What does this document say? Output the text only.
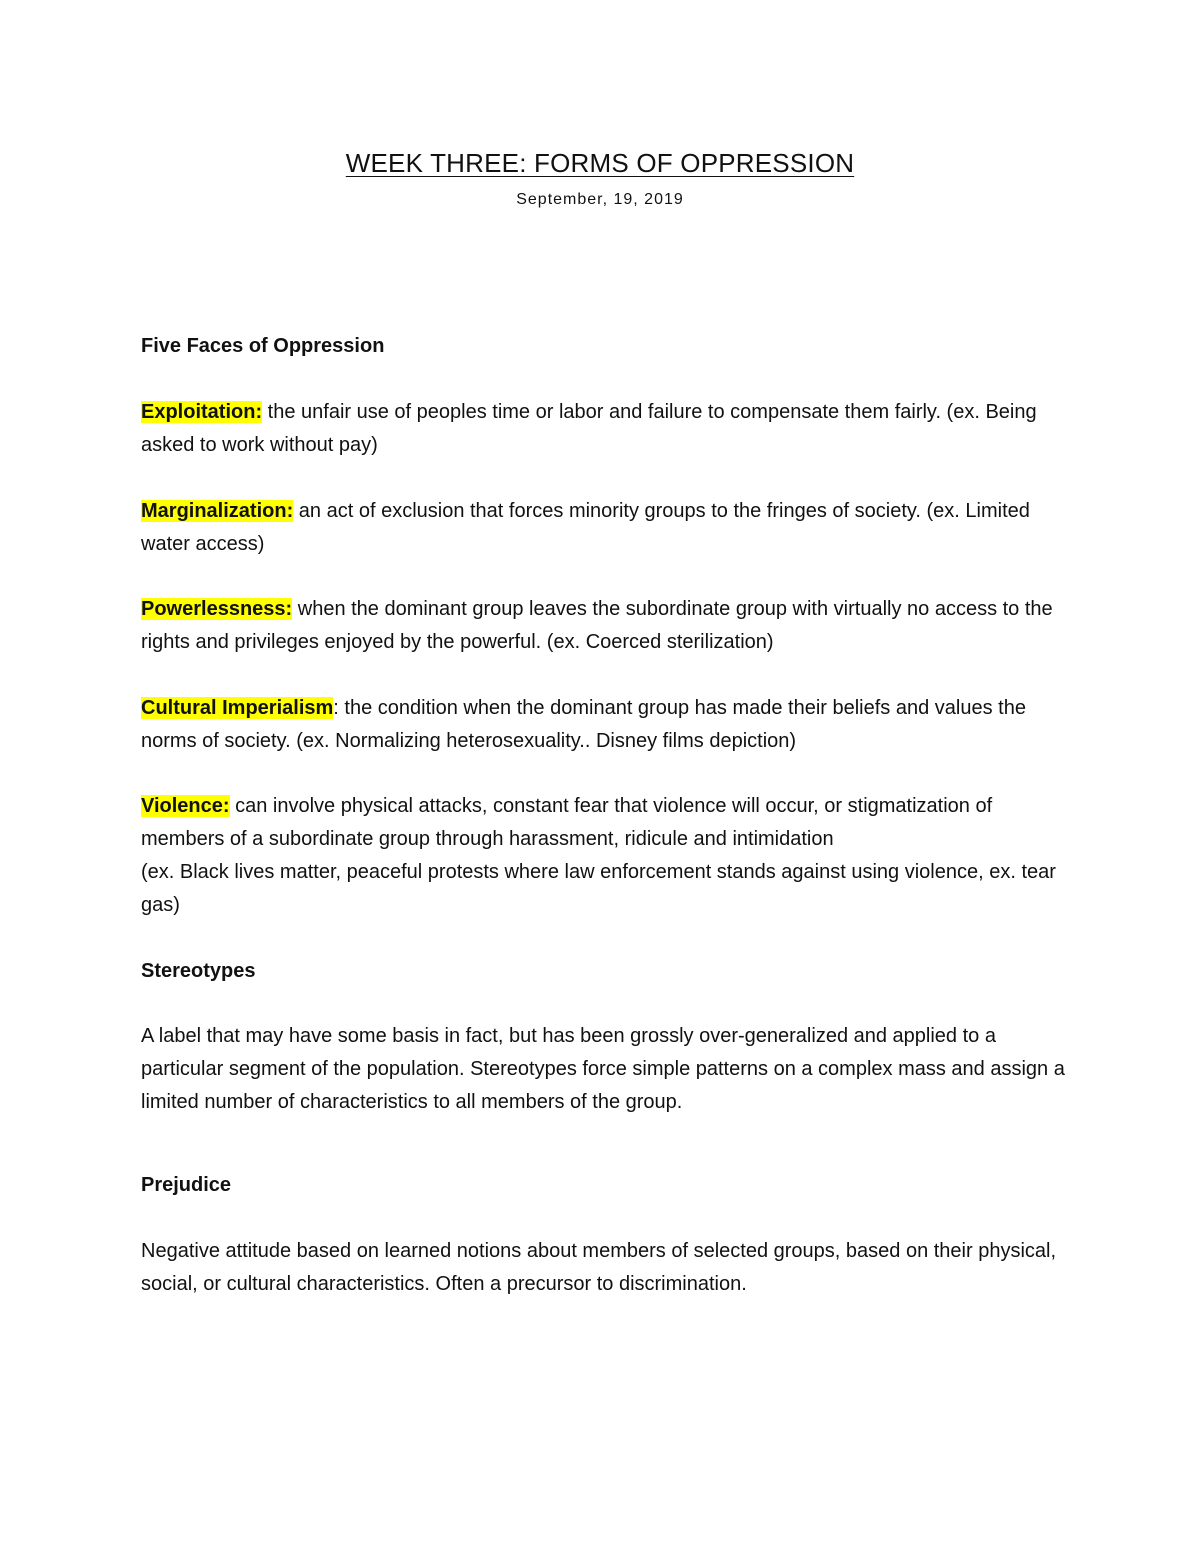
WEEK THREE: FORMS OF OPPRESSION
September, 19, 2019

Five Faces of Oppression

Exploitation: the unfair use of peoples time or labor and failure to compensate them fairly. (ex. Being asked to work without pay)

Marginalization: an act of exclusion that forces minority groups to the fringes of society. (ex. Limited water access)

Powerlessness: when the dominant group leaves the subordinate group with virtually no access to the rights and privileges enjoyed by the powerful. (ex. Coerced sterilization)

Cultural Imperialism: the condition when the dominant group has made their beliefs and values the norms of society. (ex. Normalizing heterosexuality.. Disney films depiction)

Violence: can involve physical attacks, constant fear that violence will occur, or stigmatization of members of a subordinate group through harassment, ridicule and intimidation

(ex. Black lives matter, peaceful protests where law enforcement stands against using violence, ex. tear gas)

Stereotypes

A label that may have some basis in fact, but has been grossly over-generalized and applied to a particular segment of the population. Stereotypes force simple patterns on a complex mass and assign a limited number of characteristics to all members of the group.

Prejudice

Negative attitude based on learned notions about members of selected groups, based on their physical, social, or cultural characteristics. Often a precursor to discrimination.
